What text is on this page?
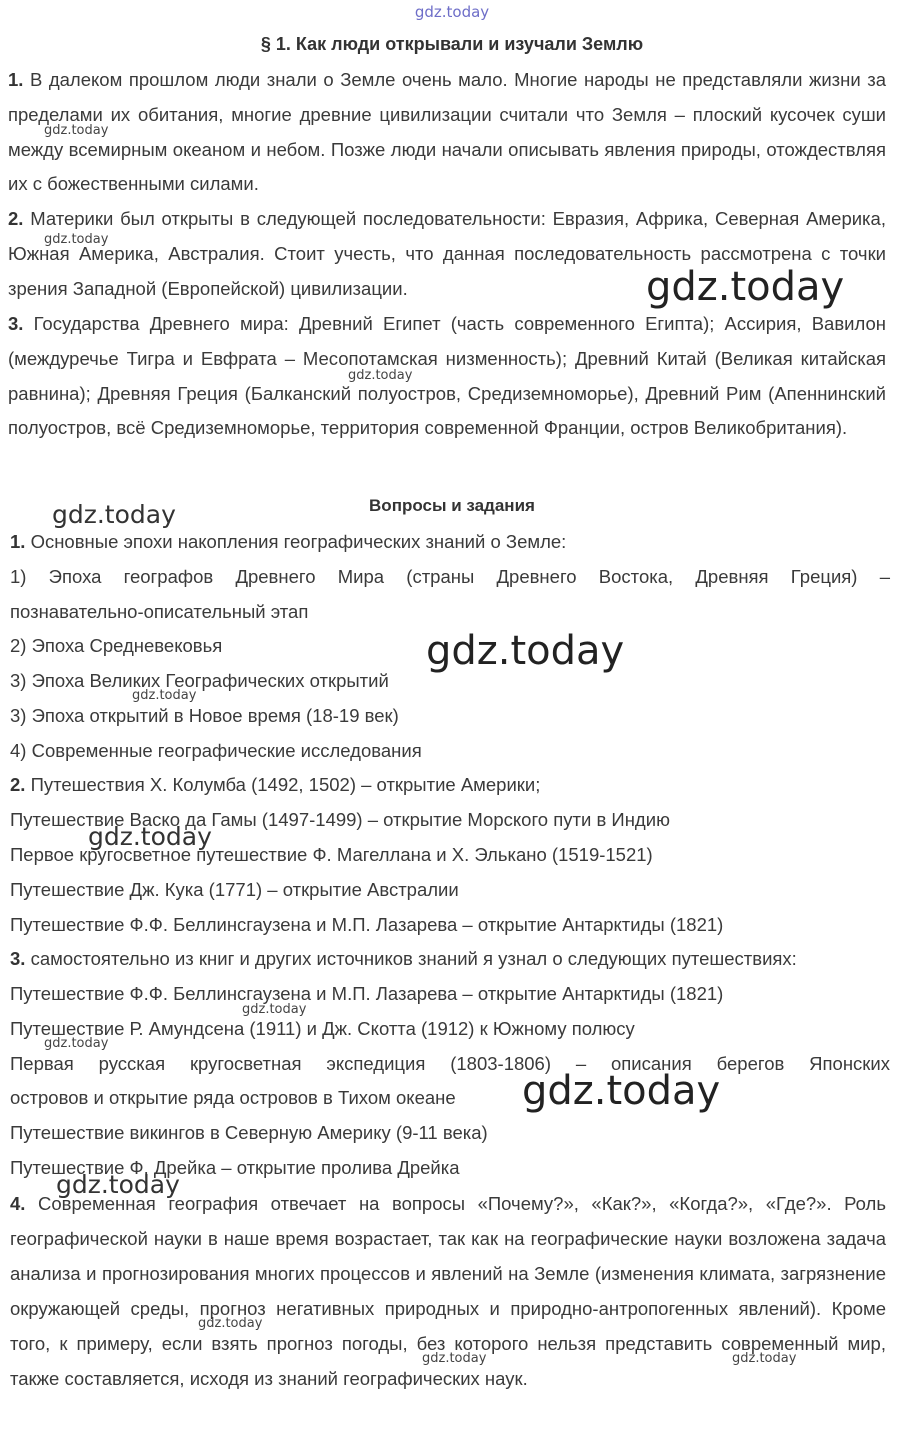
gdz.today
§ 1. Как люди открывали и изучали Землю

1. В далеком прошлом люди знали о Земле очень мало. Многие народы не представляли жизни за пределами их обитания, многие древние цивилизации считали что Земля – плоский кусочек суши между всемирным океаном и небом. Позже люди начали описывать явления природы, отождествляя их с божественными силами.

2. Материки был открыты в следующей последовательности: Евразия, Африка, Северная Америка, Южная Америка, Австралия. Стоит учесть, что данная последовательность рассмотрена с точки зрения Западной (Европейской) цивилизации.

3. Государства Древнего мира: Древний Египет (часть современного Египта); Ассирия, Вавилон (междуречье Тигра и Евфрата – Месопотамская низменность); Древний Китай (Великая китайская равнина); Древняя Греция (Балканский полуостров, Средиземноморье), Древний Рим (Апеннинский полуостров, всё Средиземноморье, территория современной Франции, остров Великобритания).

Вопросы и задания

1. Основные эпохи накопления географических знаний о Земле:

1) Эпоха географов Древнего Мира (страны Древнего Востока, Древняя Греция) –

познавательно-описательный этап

2) Эпоха Средневековья

3) Эпоха Великих Географических открытий

3) Эпоха открытий в Новое время (18-19 век)

4) Современные географические исследования

2. Путешествия Х. Колумба (1492, 1502) – открытие Америки;

Путешествие Васко да Гамы (1497-1499) – открытие Морского пути в Индию

Первое кругосветное путешествие Ф. Магеллана и Х. Элькано (1519-1521)

Путешествие Дж. Кука (1771) – открытие Австралии

Путешествие Ф.Ф. Беллинсгаузена и М.П. Лазарева – открытие Антарктиды (1821)

3. самостоятельно из книг и других источников знаний я узнал о следующих путешествиях:

Путешествие Ф.Ф. Беллинсгаузена и М.П. Лазарева – открытие Антарктиды (1821)

Путешествие Р. Амундсена (1911) и Дж. Скотта (1912) к Южному полюсу

Первая русская кругосветная экспедиция (1803-1806) – описания берегов Японских

островов и открытие ряда островов в Тихом океане

Путешествие викингов в Северную Америку (9-11 века)

Путешествие Ф. Дрейка – открытие пролива Дрейка

4. Современная география отвечает на вопросы «Почему?», «Как?», «Когда?», «Где?». Роль географической науки в наше время возрастает, так как на географические науки возложена задача анализа и прогнозирования многих процессов и явлений на Земле (изменения климата, загрязнение окружающей среды, прогноз негативных природных и природно-антропогенных явлений). Кроме того, к примеру, если взять прогноз погоды, без которого нельзя представить современный мир, также составляется, исходя из знаний географических наук.

gdz.today
gdz.today
gdz.today
gdz.today
gdz.today
gdz.today
gdz.today
gdz.today
gdz.today
gdz.today
gdz.today
gdz.today
gdz.today
gdz.today	gdz.today
